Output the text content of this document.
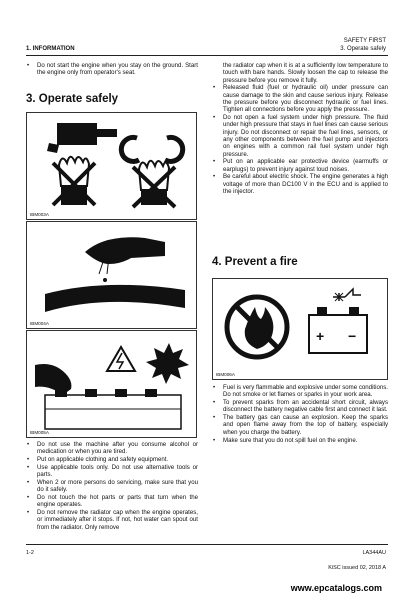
1. INFORMATION
SAFETY FIRST
3. Operate safely
• Do not start the engine when you stay on the ground. Start the engine only from operator's seat.
3. Operate safely
IBM003A
IBM004A
IBM005A
• Do not use the machine after you consume alcohol or medication or when you are tired.
• Put on applicable clothing and safety equipment.
• Use applicable tools only. Do not use alternative tools or parts.
• When 2 or more persons do servicing, make sure that you do it safely.
• Do not touch the hot parts or parts that turn when the engine operates.
• Do not remove the radiator cap when the engine operates, or immediately after it stops. If not, hot water can spout out from the radiator. Only remove
the radiator cap when it is at a sufficiently low temperature to touch with bare hands. Slowly loosen the cap to release the pressure before you remove it fully.
• Released fluid (fuel or hydraulic oil) under pressure can cause damage to the skin and cause serious injury. Release the pressure before you disconnect hydraulic or fuel lines. Tighten all connections before you apply the pressure.
• Do not open a fuel system under high pressure. The fluid under high pressure that stays in fuel lines can cause serious injury. Do not disconnect or repair the fuel lines, sensors, or any other components between the fuel pump and injectors on engines with a common rail fuel system under high pressure.
• Put on an applicable ear protective device (earmuffs or earplugs) to prevent injury against loud noises.
• Be careful about electric shock. The engine generates a high voltage of more than DC100 V in the ECU and is applied to the injector.
4. Prevent a fire
+ −
IBM006A
• Fuel is very flammable and explosive under some conditions. Do not smoke or let flames or sparks in your work area.
• To prevent sparks from an accidental short circuit, always disconnect the battery negative cable first and connect it last.
• The battery gas can cause an explosion. Keep the sparks and open flame away from the top of battery, especially when you charge the battery.
• Make sure that you do not spill fuel on the engine.
1-2	LA344AU
KiSC issued 02, 2018 A
www.epcatalogs.com
